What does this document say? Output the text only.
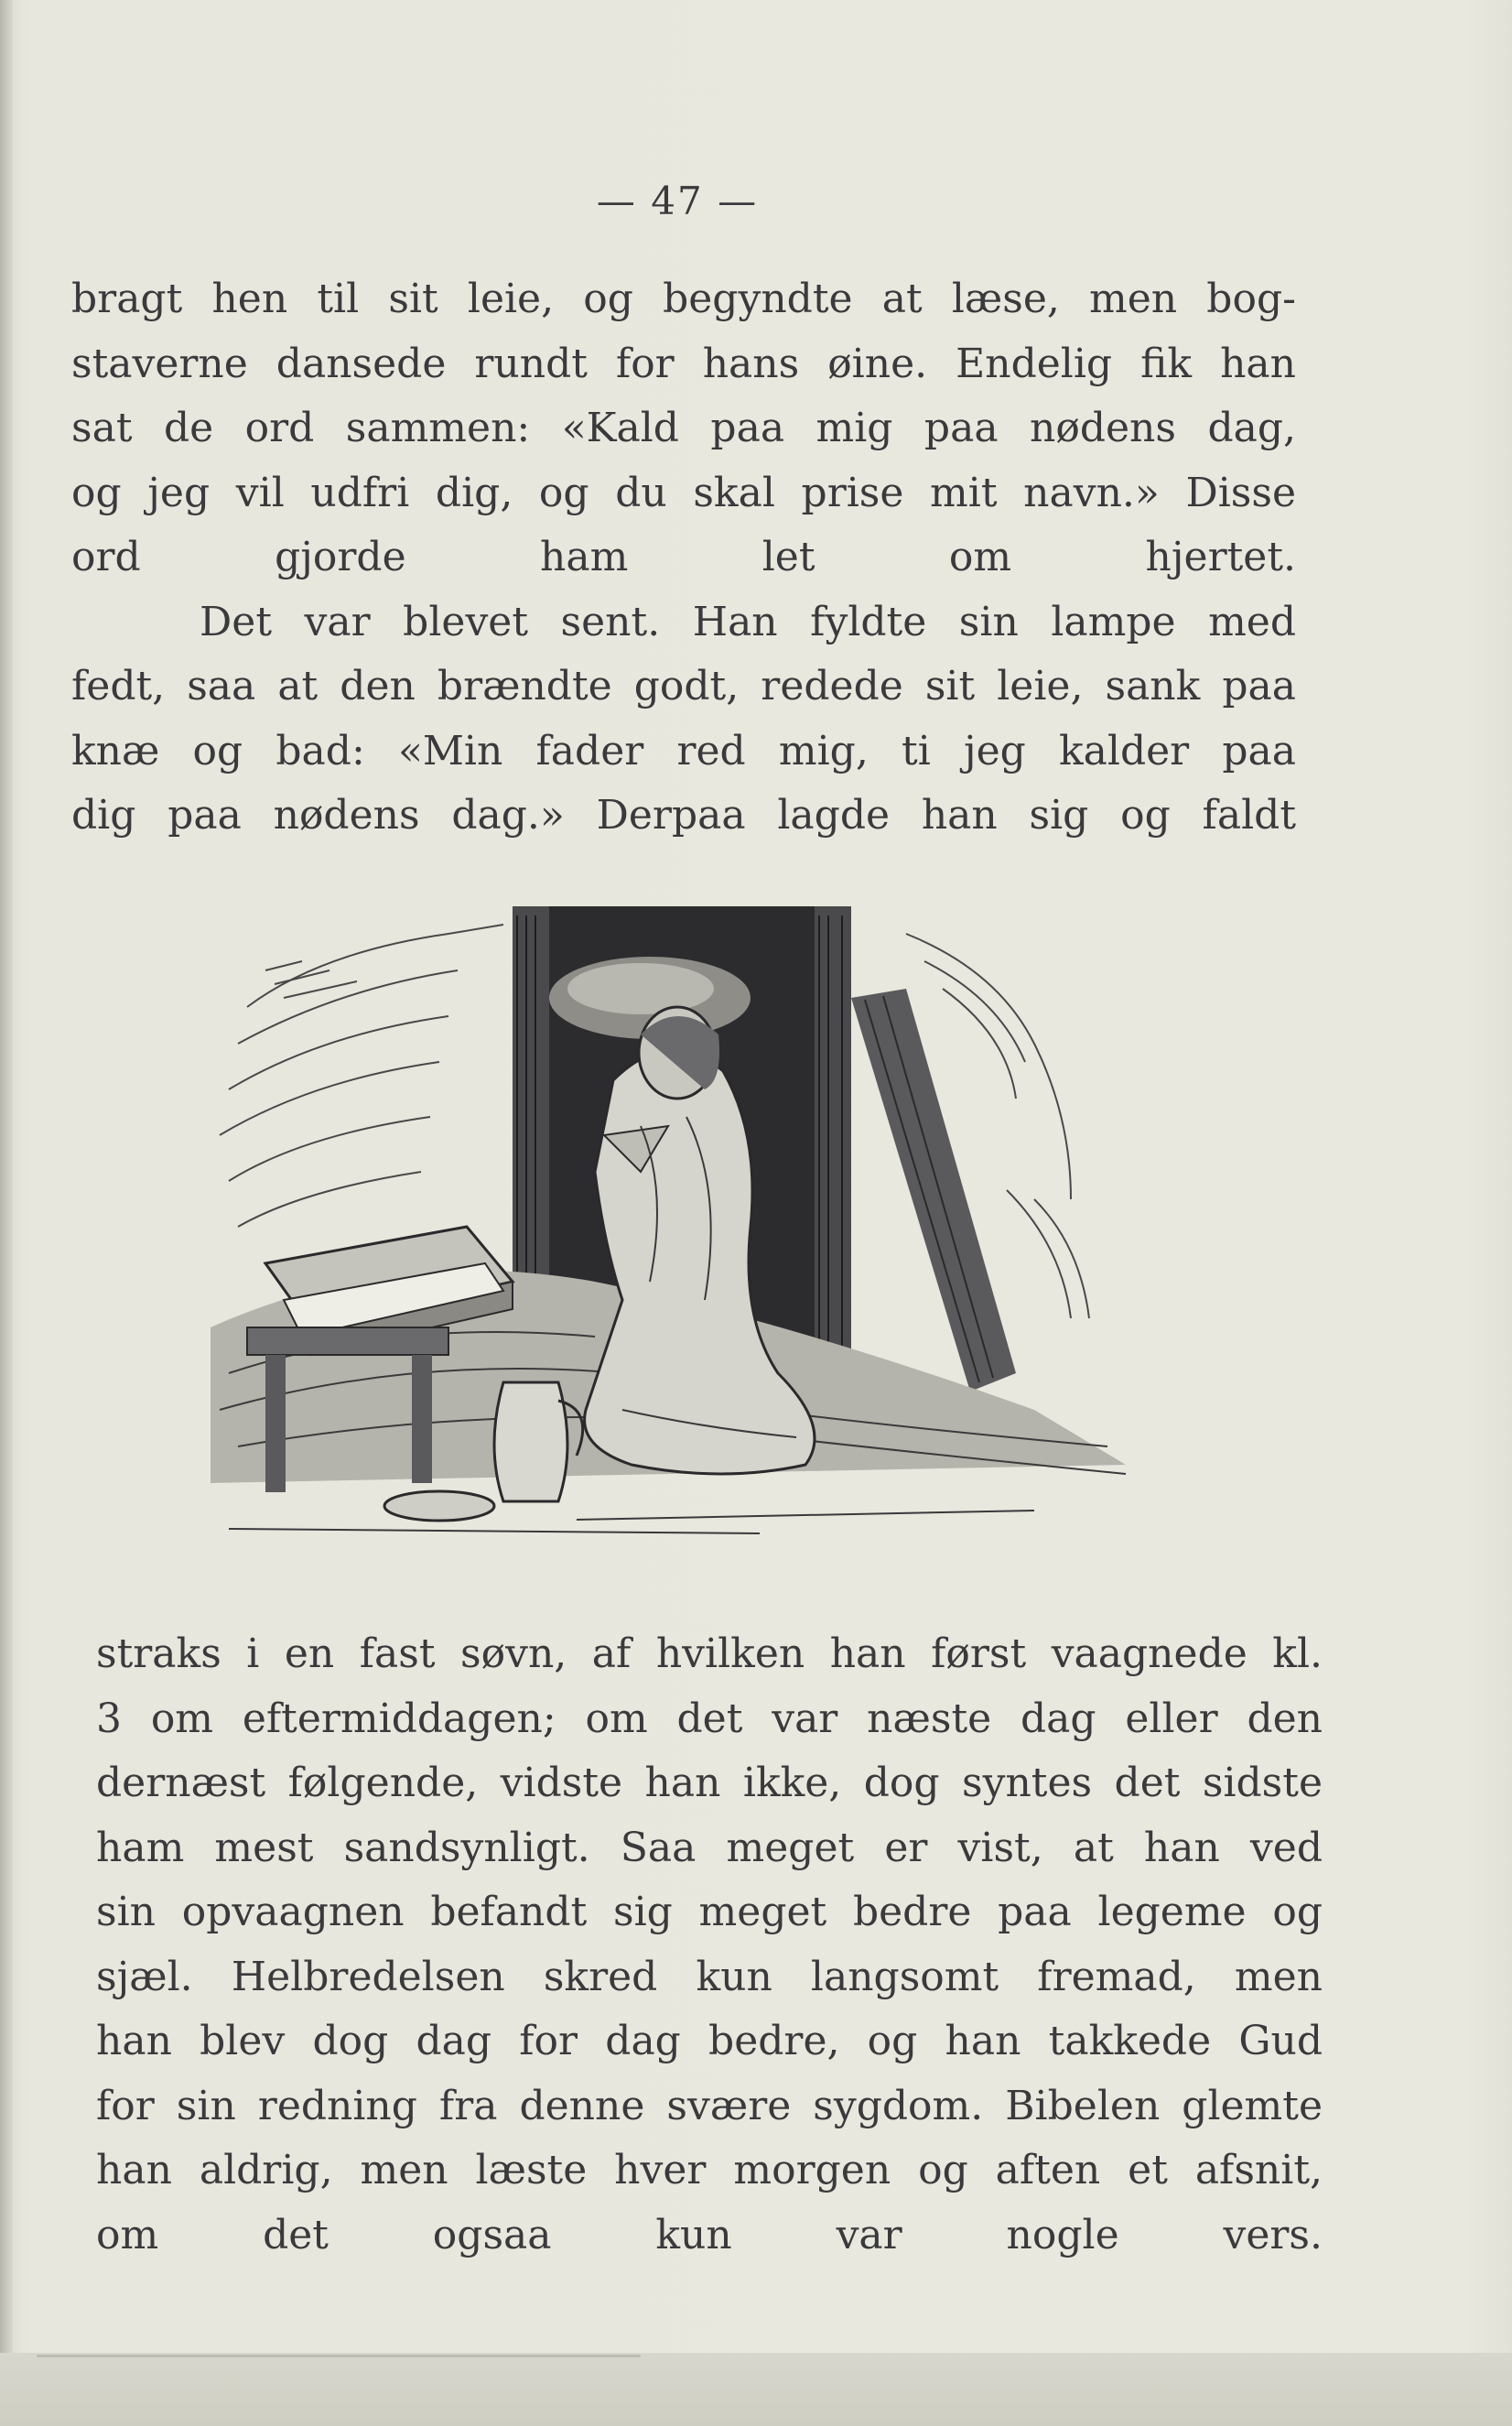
— 47 —
bragt hen til sit leie, og begyndte at læse, men bog-
staverne dansede rundt for hans øine. Endelig fik han
sat de ord sammen: «Kald paa mig paa nødens dag,
og jeg vil udfri dig, og du skal prise mit navn.» Disse
ord gjorde ham let om hjertet.
Det var blevet sent. Han fyldte sin lampe med
fedt, saa at den brændte godt, redede sit leie, sank paa
knæ og bad: «Min fader red mig, ti jeg kalder paa
dig paa nødens dag.» Derpaa lagde han sig og faldt
straks i en fast søvn, af hvilken han først vaagnede kl.
3 om eftermiddagen; om det var næste dag eller den
dernæst følgende, vidste han ikke, dog syntes det sidste
ham mest sandsynligt. Saa meget er vist, at han ved
sin opvaagnen befandt sig meget bedre paa legeme og
sjæl. Helbredelsen skred kun langsomt fremad, men
han blev dog dag for dag bedre, og han takkede Gud
for sin redning fra denne svære sygdom. Bibelen glemte
han aldrig, men læste hver morgen og aften et afsnit,
om det ogsaa kun var nogle vers.
